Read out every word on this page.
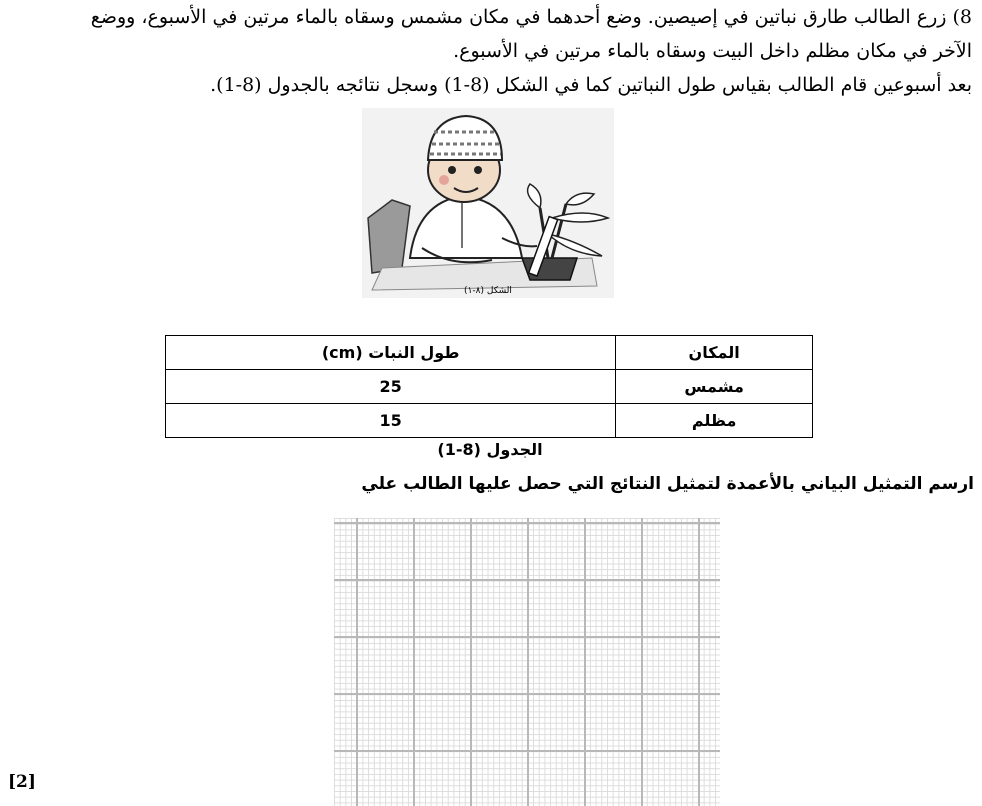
8) زرع الطالب طارق نباتين في إصيصين. وضع أحدهما في مكان مشمس وسقاه بالماء مرتين في الأسبوع، ووضع

الآخر في مكان مظلم داخل البيت وسقاه بالماء مرتين في الأسبوع.

بعد أسبوعين قام الطالب بقياس طول النباتين كما في الشكل (8-1) وسجل نتائجه بالجدول (8-1).

الشكل (٨-١)
المكان	طول النبات (cm)
مشمس	25
مظلم	15
الجدول (8-1)
ارسم التمثيل البياني بالأعمدة لتمثيل النتائج التي حصل عليها الطالب علي
[2]
